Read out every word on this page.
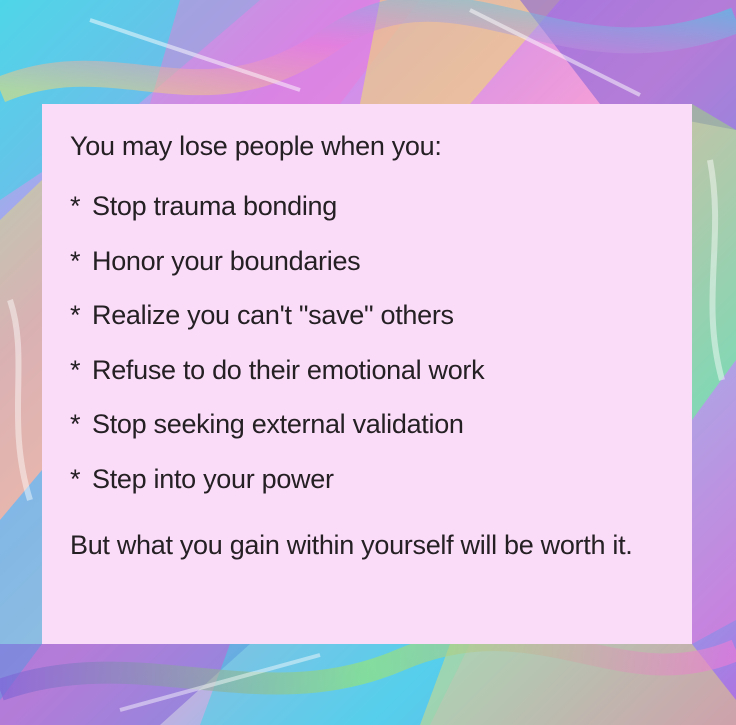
You may lose people when you:

* Stop trauma bonding
* Honor your boundaries
* Realize you can't "save" others
* Refuse to do their emotional work
* Stop seeking external validation
* Step into your power

But what you gain within yourself will be worth it.
